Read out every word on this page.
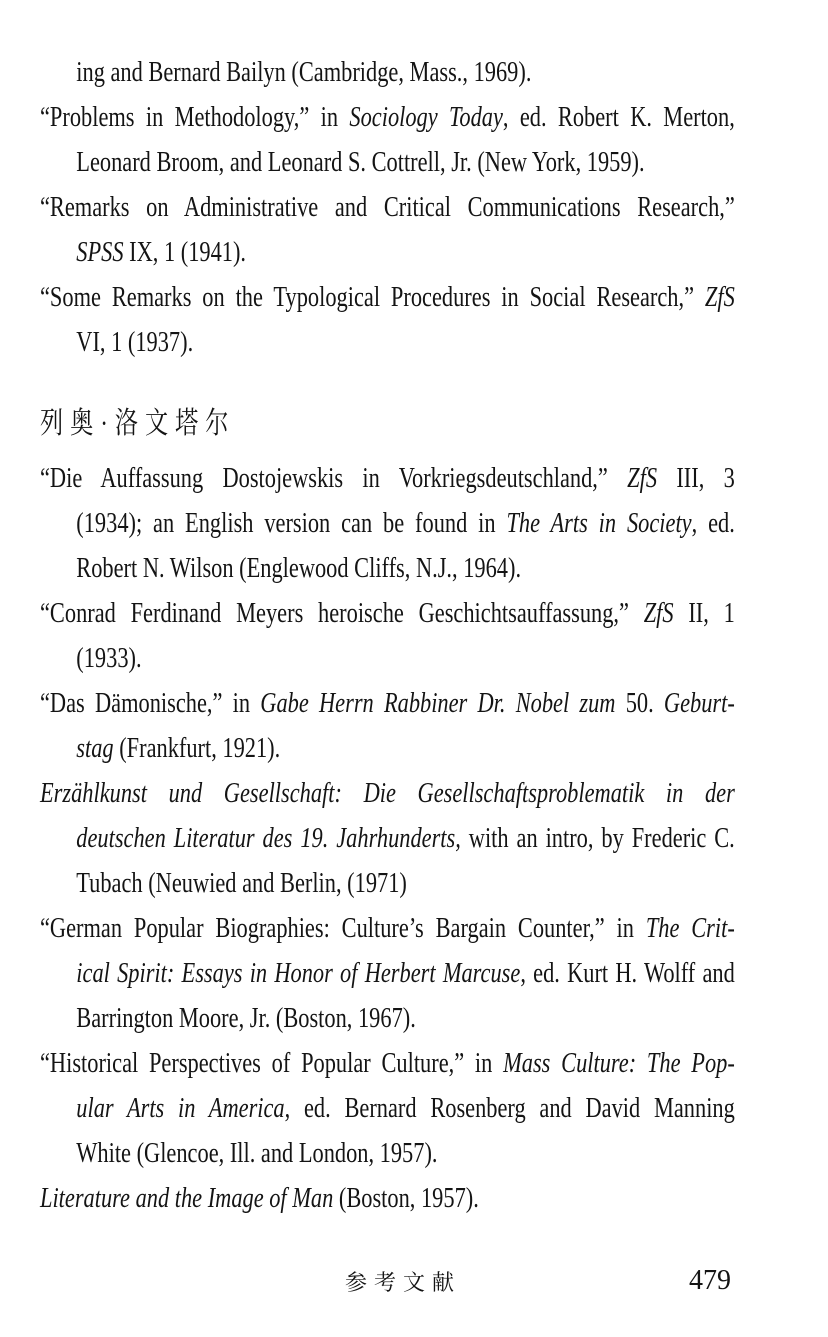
ing and Bernard Bailyn (Cambridge, Mass., 1969).
“Problems in Methodology,” in Sociology Today, ed. Robert K. Merton,
Leonard Broom, and Leonard S. Cottrell, Jr. (New York, 1959).
“Remarks on Administrative and Critical Communications Research,”
SPSS IX, 1 (1941).
“Some Remarks on the Typological Procedures in Social Research,” ZfS
VI, 1 (1937).
列奥·洛文塔尔
“Die Auffassung Dostojewskis in Vorkriegsdeutschland,” ZfS III, 3
(1934); an English version can be found in The Arts in Society, ed.
Robert N. Wilson (Englewood Cliffs, N.J., 1964).
“Conrad Ferdinand Meyers heroische Geschichtsauffassung,” ZfS II, 1
(1933).
“Das Dämonische,” in Gabe Herrn Rabbiner Dr. Nobel zum 50. Geburt-
stag (Frankfurt, 1921).
Erzählkunst und Gesellschaft: Die Gesellschaftsproblematik in der
deutschen Literatur des 19. Jahrhunderts, with an intro, by Frederic C.
Tubach (Neuwied and Berlin, (1971)
“German Popular Biographies: Culture’s Bargain Counter,” in The Crit-
ical Spirit: Essays in Honor of Herbert Marcuse, ed. Kurt H. Wolff and
Barrington Moore, Jr. (Boston, 1967).
“Historical Perspectives of Popular Culture,” in Mass Culture: The Pop-
ular Arts in America, ed. Bernard Rosenberg and David Manning
White (Glencoe, Ill. and London, 1957).
Literature and the Image of Man (Boston, 1957).
参考文献	479
